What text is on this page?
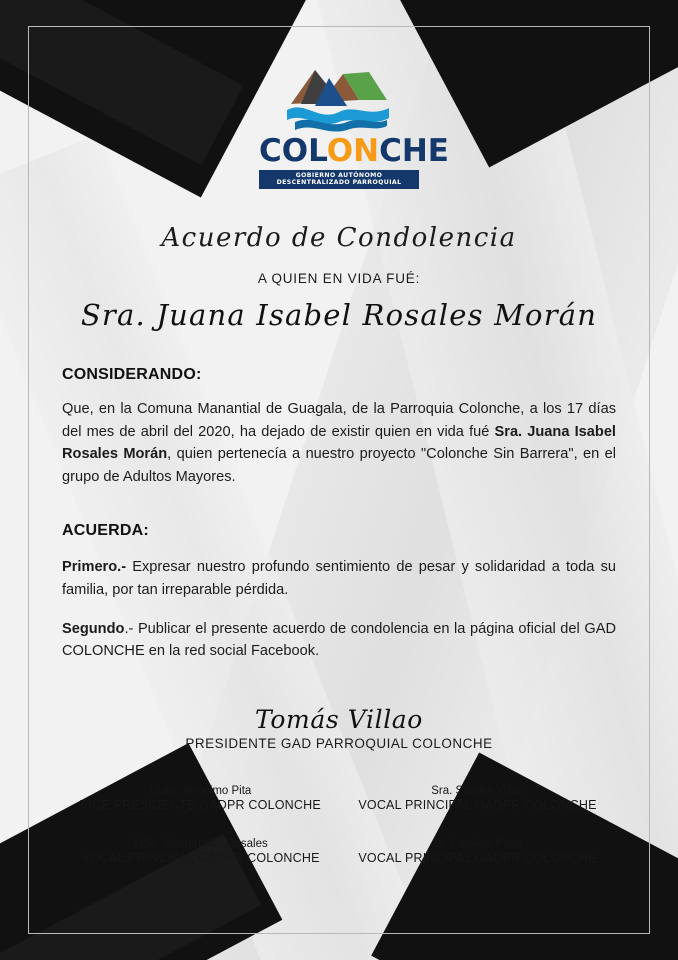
COLONCHE
GOBIERNO AUTÓNOMO DESCENTRALIZADO PARROQUIAL
Acuerdo de Condolencia
A QUIEN EN VIDA FUÉ:
Sra. Juana Isabel Rosales Morán
CONSIDERANDO:
Que, en la Comuna Manantial de Guagala, de la Parroquia Colonche, a los 17 días del mes de abril del 2020, ha dejado de existir quien en vida fué Sra. Juana Isabel Rosales Morán, quien pertenecía a nuestro proyecto "Colonche Sin Barrera", en el grupo de Adultos Mayores.
ACUERDA:
Primero.- Expresar nuestro profundo sentimiento de pesar y solidaridad a toda su familia, por tan irreparable pérdida.
Segundo.- Publicar el presente acuerdo de condolencia en la página oficial del GAD COLONCHE en la red social Facebook.
Tomás Villao
PRESIDENTE GAD PARROQUIAL COLONCHE
Lcdo. Jerónimo Pita
VICE PRESIDENTE GADPR COLONCHE
Sra. Sandra Villao
VOCAL PRINCIPAL GADPR COLONCHE
MSc. Washington Rosales
VOCAL PRINCIPAL GADPR COLONCHE
Sr. Catalino Pozo
VOCAL PRINCIPAL GADPR COLONCHE
